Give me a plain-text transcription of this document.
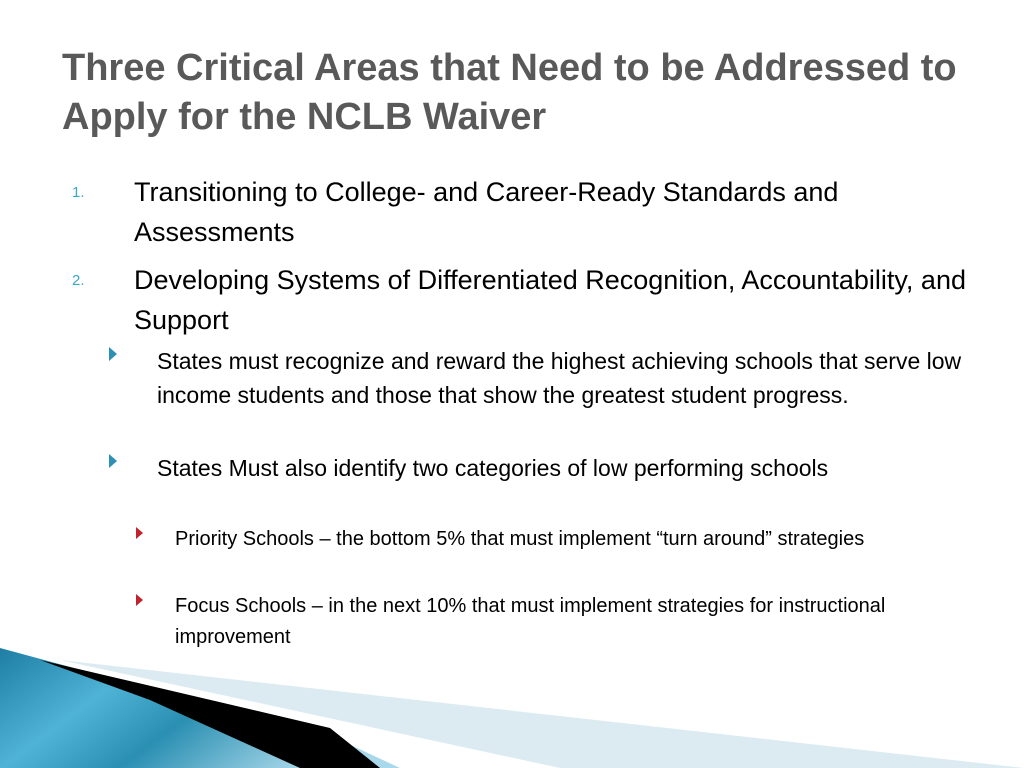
Three Critical Areas that Need to be Addressed to Apply for the NCLB Waiver
1. Transitioning to College- and Career-Ready Standards and Assessments
2. Developing Systems of Differentiated Recognition, Accountability, and Support
States must recognize and reward the highest achieving schools that serve low income students and those that show the greatest student progress.
States Must also identify two categories of low performing schools
Priority Schools – the bottom 5% that must implement “turn around” strategies
Focus Schools – in the next 10% that must implement strategies for instructional improvement
